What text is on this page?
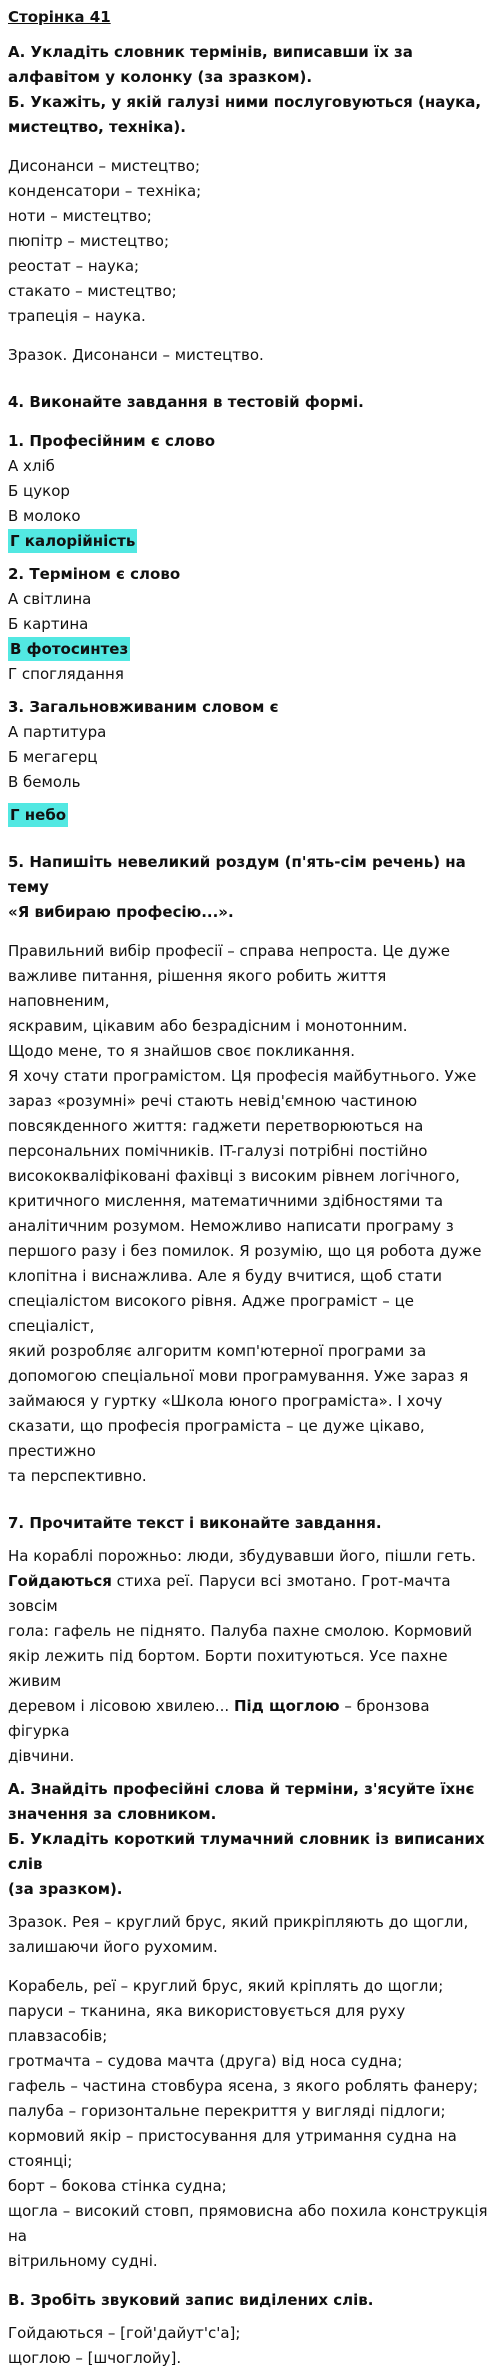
Сторінка 41

А. Укладіть словник термінів, виписавши їх за алфавітом у колонку (за зразком).

Б. Укажіть, у якій галузі ними послуговуються (наука, мистецтво, техніка).

Дисонанси – мистецтво;

конденсатори – техніка;

ноти – мистецтво;

пюпітр – мистецтво;

реостат – наука;

стакато – мистецтво;

трапеція – наука.

Зразок. Дисонанси – мистецтво.

4. Виконайте завдання в тестовій формі.

1. Професійним є слово

А хліб

Б цукор

В молоко

Г калорійність

2. Терміном є слово

А світлина

Б картина

В фотосинтез

Г споглядання

3. Загальновживаним словом є

А партитура

Б мегагерц

В бемоль

Г небо

5. Напишіть невеликий роздум (п'ять-сім речень) на тему

«Я вибираю професію...».

Правильний вибір професії – справа непроста. Це дуже

важливе питання, рішення якого робить життя наповненим,

яскравим, цікавим або безрадісним і монотонним.

Щодо мене, то я знайшов своє покликання.

Я хочу стати програмістом. Ця професія майбутнього. Уже

зараз «розумні» речі стають невід'ємною частиною

повсякденного життя: гаджети перетворюються на

персональних помічників. IT-галузі потрібні постійно

висококваліфіковані фахівці з високим рівнем логічного,

критичного мислення, математичними здібностями та

аналітичним розумом. Неможливо написати програму з

першого разу і без помилок. Я розумію, що ця робота дуже

клопітна і виснажлива. Але я буду вчитися, щоб стати

спеціалістом високого рівня. Адже програміст – це спеціаліст,

який розробляє алгоритм комп'ютерної програми за

допомогою спеціальної мови програмування. Уже зараз я

займаюся у гуртку «Школа юного програміста». І хочу

сказати, що професія програміста – це дуже цікаво, престижно

та перспективно.

7. Прочитайте текст і виконайте завдання.

На кораблі порожньо: люди, збудувавши його, пішли геть.

Гойдаються стиха реї. Паруси всі змотано. Грот-мачта зовсім

гола: гафель не піднято. Палуба пахне смолою. Кормовий

якір лежить під бортом. Борти похитуються. Усе пахне живим

деревом і лісовою хвилею... Під щоглою – бронзова фігурка

дівчини.

А. Знайдіть професійні слова й терміни, з'ясуйте їхнє

значення за словником.

Б. Укладіть короткий тлумачний словник із виписаних слів

(за зразком).

Зразок. Рея – круглий брус, який прикріпляють до щогли,

залишаючи його рухомим.

Корабель, реї – круглий брус, який кріплять до щогли;

паруси – тканина, яка використовується для руху плавзасобів;

гротмачта – судова мачта (друга) від носа судна;

гафель – частина стовбура ясена, з якого роблять фанеру;

палуба – горизонтальне перекриття у вигляді підлоги;

кормовий якір – пристосування для утримання судна на

стоянці;

борт – бокова стінка судна;

щогла – високий стовп, прямовисна або похила конструкція на

вітрильному судні.

В. Зробіть звуковий запис виділених слів.

Гойдаються – [гой'дайут'с'а];

щоглою – [шчоглойу].
